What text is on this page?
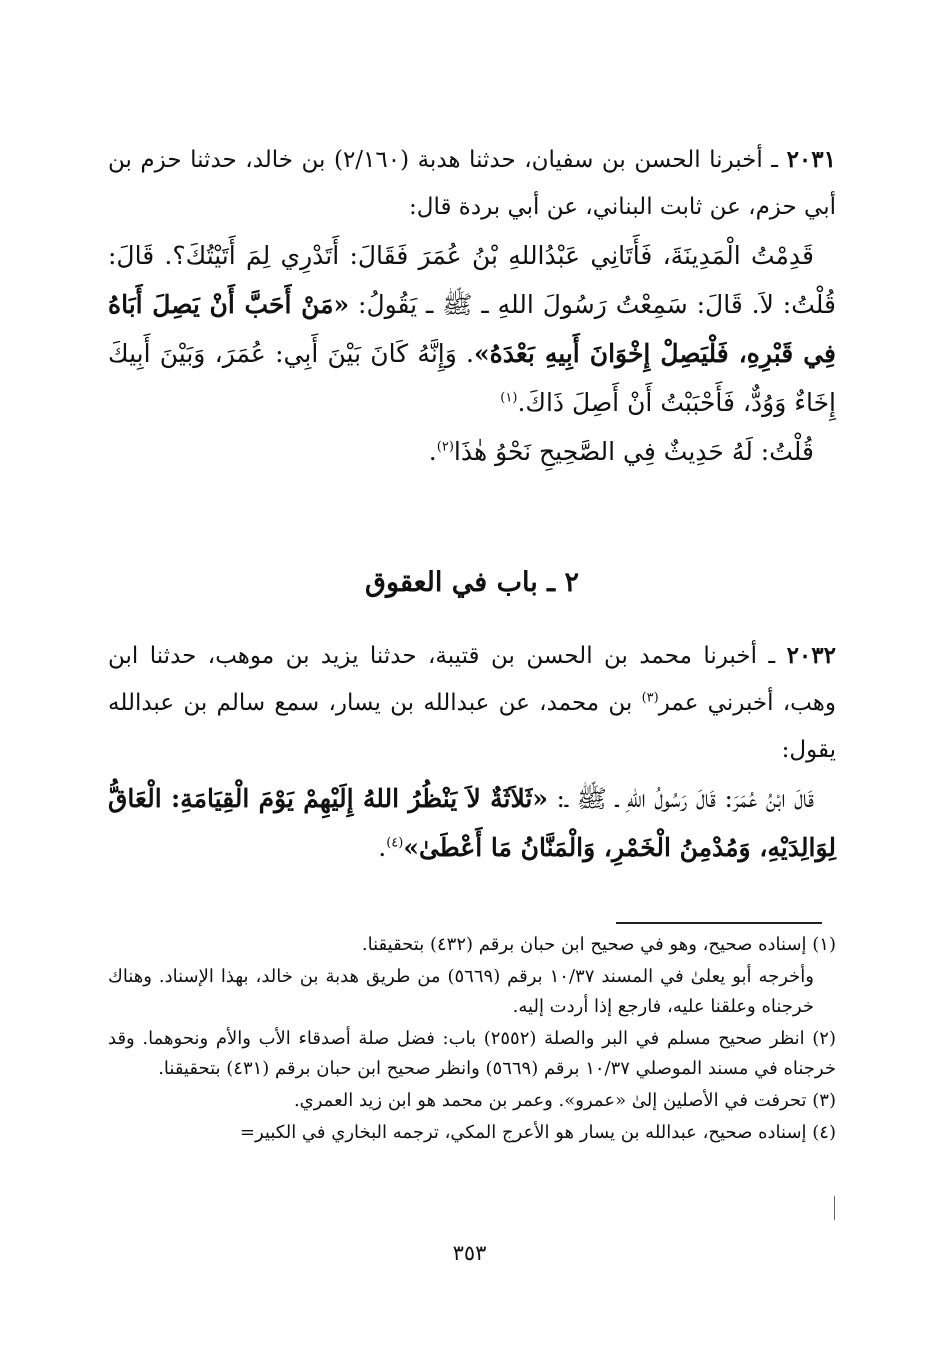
٢٠٣١ ـ أخبرنا الحسن بن سفيان، حدثنا هدبة (٢/١٦٠) بن خالد، حدثنا حزم بن أبي حزم، عن ثابت البناني، عن أبي بردة قال:

قَدِمْتُ الْمَدِينَةَ، فَأَتَانِي عَبْدُاللهِ بْنُ عُمَرَ فَقَالَ: أَتَدْرِي لِمَ أَتَيْتُكَ؟. قَالَ: قُلْتُ: لاَ. قَالَ: سَمِعْتُ رَسُولَ اللهِ ـ ﷺ ـ يَقُولُ: «مَنْ أَحَبَّ أَنْ يَصِلَ أَبَاهُ فِي قَبْرِهِ، فَلْيَصِلْ إِخْوَانَ أَبِيهِ بَعْدَهُ». وَإِنَّهُ كَانَ بَيْنَ أَبِي: عُمَرَ، وَبَيْنَ أَبِيكَ إِخَاءٌ وَوُدٌّ، فَأَحْبَبْتُ أَنْ أَصِلَ ذَاكَ.$^{(١)}$

قُلْتُ: لَهُ حَدِيثٌ فِي الصَّحِيحِ نَحْوُ هٰذَا$^{(٢)}$.

٢ ـ باب في العقوق

٢٠٣٢ ـ أخبرنا محمد بن الحسن بن قتيبة، حدثنا يزيد بن موهب، حدثنا ابن وهب، أخبرني عمر$^{(٣)}$ بن محمد، عن عبدالله بن يسار، سمع سالم بن عبدالله يقول:

قَالَ ابْنُ عُمَرَ: قَالَ رَسُولُ اللهِ ـ ﷺ ـ: «ثَلاَثَةٌ لاَ يَنْظُرُ اللهُ إِلَيْهِمْ يَوْمَ الْقِيَامَةِ: الْعَاقُّ لِوَالِدَيْهِ، وَمُدْمِنُ الْخَمْرِ، وَالْمَنَّانُ مَا أَعْطَىٰ»$^{(٤)}$.

(١) إسناده صحيح، وهو في صحيح ابن حبان برقم (٤٣٢) بتحقيقنا.

وأخرجه أبو يعلىٰ في المسند ١٠/٣٧ برقم (٥٦٦٩) من طريق هدبة بن خالد، بهذا الإسناد. وهناك خرجناه وعلقنا عليه، فارجع إذا أردت إليه.

(٢) انظر صحيح مسلم في البر والصلة (٢٥٥٢) باب: فضل صلة أصدقاء الأب والأم ونحوهما. وقد خرجناه في مسند الموصلي ١٠/٣٧ برقم (٥٦٦٩) وانظر صحيح ابن حبان برقم (٤٣١) بتحقيقنا.

(٣) تحرفت في الأصلين إلىٰ «عمرو». وعمر بن محمد هو ابن زيد العمري.

(٤) إسناده صحيح، عبدالله بن يسار هو الأعرج المكي، ترجمه البخاري في الكبير=

٣٥٣
